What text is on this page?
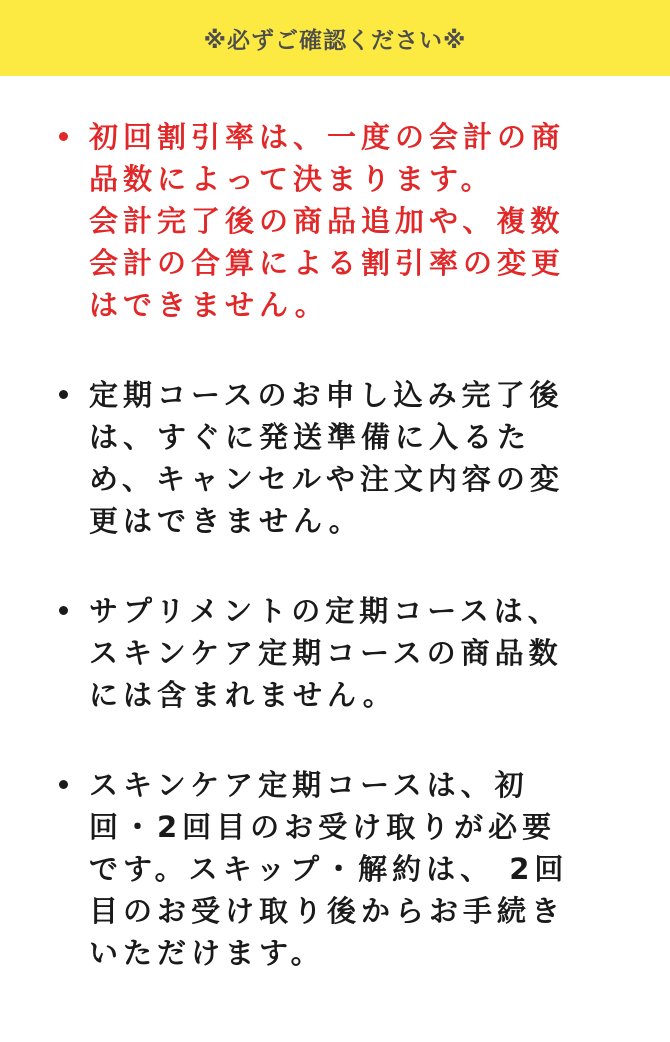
※必ずご確認ください※
初回割引率は、一度の会計の商
品数によって決まります。
会計完了後の商品追加や、複数
会計の合算による割引率の変更
はできません。
定期コースのお申し込み完了後
は、すぐに発送準備に入るた
め、キャンセルや注文内容の変
更はできません。
サプリメントの定期コースは、
スキンケア定期コースの商品数
には含まれません。
スキンケア定期コースは、初
回・2回目のお受け取りが必要
です。スキップ・解約は、 2回
目のお受け取り後からお手続き
いただけます。
